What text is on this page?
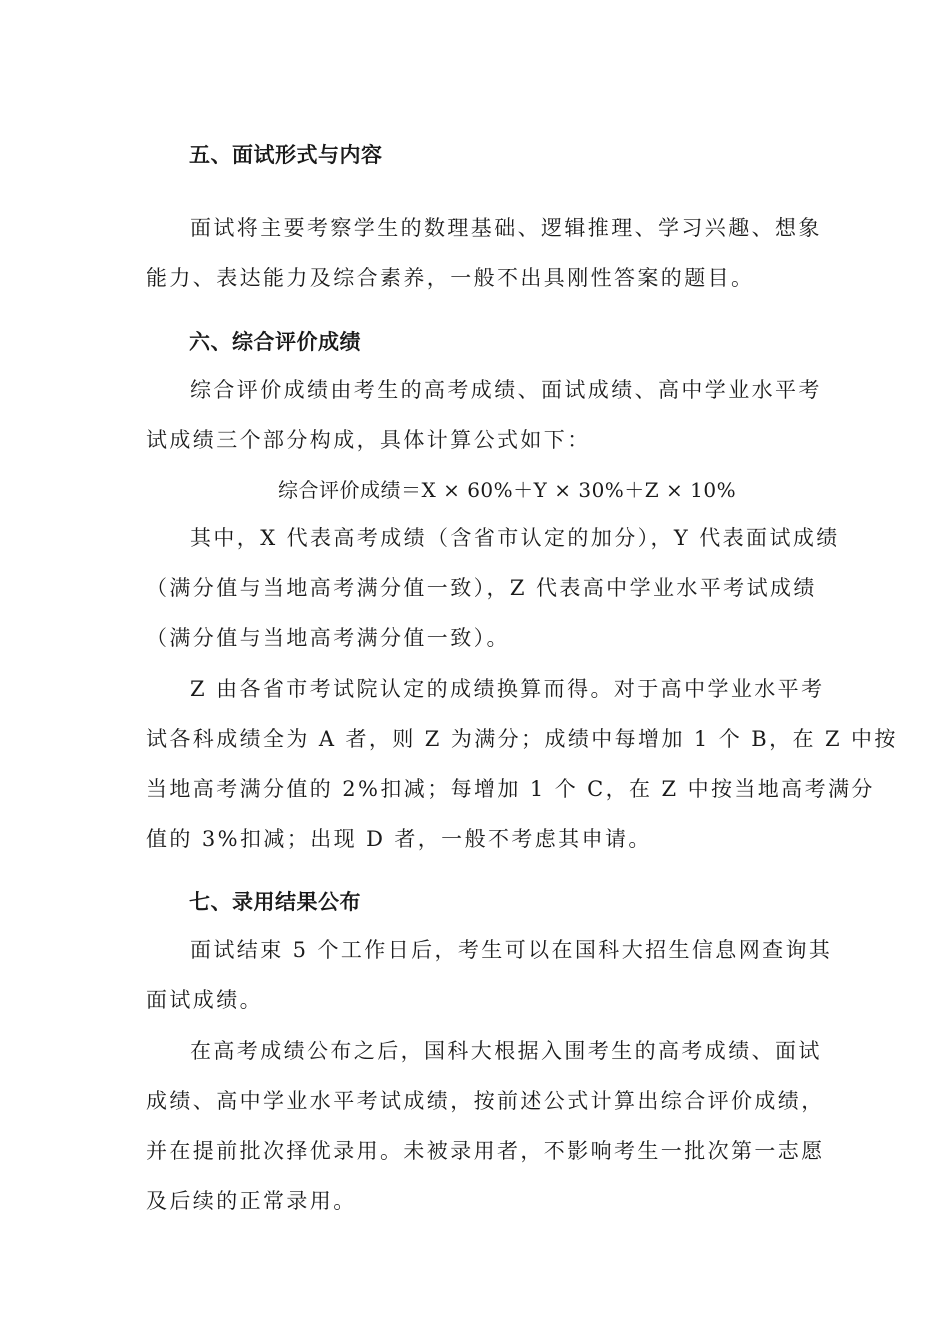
五、面试形式与内容
面试将主要考察学生的数理基础、逻辑推理、学习兴趣、想象
能力、表达能力及综合素养，一般不出具刚性答案的题目。
六、综合评价成绩
综合评价成绩由考生的高考成绩、面试成绩、高中学业水平考
试成绩三个部分构成，具体计算公式如下：
综合评价成绩＝X × 60%＋Y × 30%＋Z × 10%
其中，X 代表高考成绩（含省市认定的加分），Y 代表面试成绩
（满分值与当地高考满分值一致），Z 代表高中学业水平考试成绩
（满分值与当地高考满分值一致）。
Z 由各省市考试院认定的成绩换算而得。对于高中学业水平考
试各科成绩全为 A 者，则 Z 为满分；成绩中每增加 1 个 B，在 Z 中按
当地高考满分值的 2%扣减；每增加 1 个 C，在 Z 中按当地高考满分
值的 3%扣减；出现 D 者，一般不考虑其申请。
七、录用结果公布
面试结束 5 个工作日后，考生可以在国科大招生信息网查询其
面试成绩。
在高考成绩公布之后，国科大根据入围考生的高考成绩、面试
成绩、高中学业水平考试成绩，按前述公式计算出综合评价成绩，
并在提前批次择优录用。未被录用者，不影响考生一批次第一志愿
及后续的正常录用。
